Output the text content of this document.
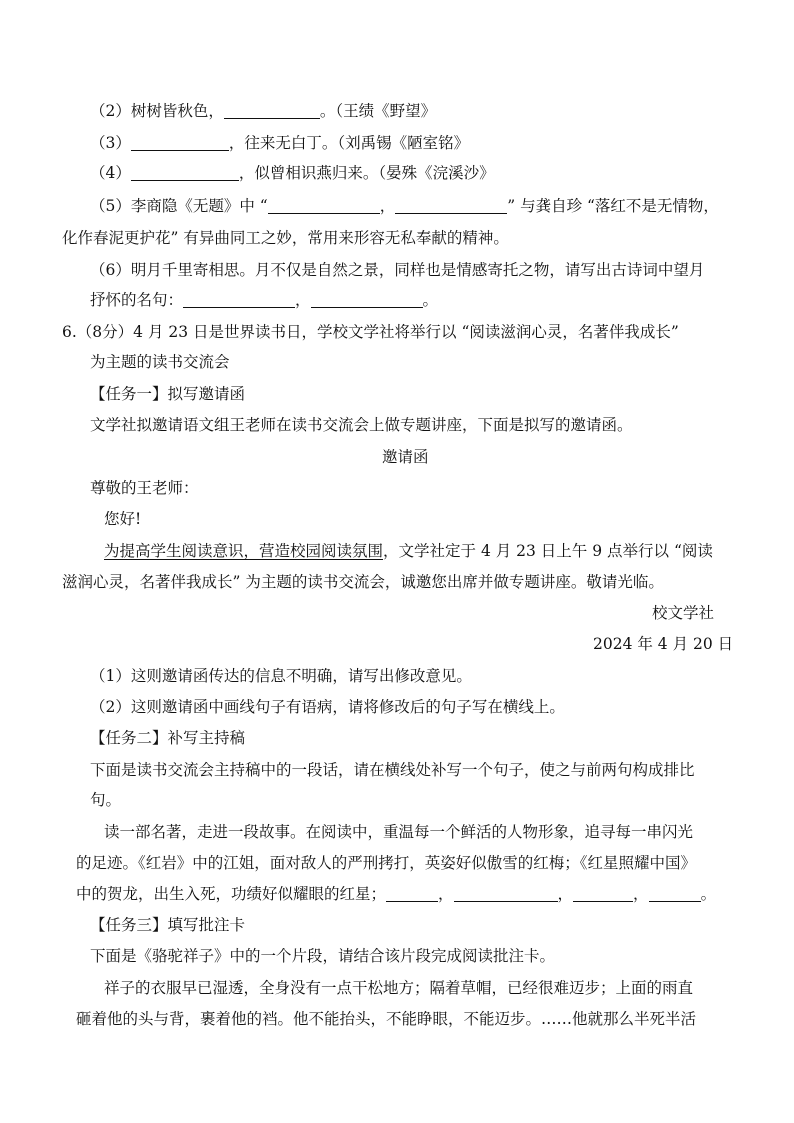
（2）树树皆秋色，	。（王绩《野望》
（3）	，往来无白丁。（刘禹锡《陋室铭》
（4）	，似曾相识燕归来。（晏殊《浣溪沙》
（5）李商隐《无题》中 “	，	” 与龚自珍 “落红不是无情物，
化作春泥更护花” 有异曲同工之妙，常用来形容无私奉献的精神。
（6）明月千里寄相思。月不仅是自然之景，同样也是情感寄托之物，请写出古诗词中望月
抒怀的名句：	，	。
6.（8分）4 月 23 日是世界读书日，学校文学社将举行以 “阅读滋润心灵，名著伴我成长”
为主题的读书交流会
【任务一】拟写邀请函
文学社拟邀请语文组王老师在读书交流会上做专题讲座，下面是拟写的邀请函。
邀请函
尊敬的王老师：
您好!
为提高学生阅读意识，营造校园阅读氛围，文学社定于 4 月 23 日上午 9 点举行以 “阅读
滋润心灵，名著伴我成长” 为主题的读书交流会，诚邀您出席并做专题讲座。敬请光临。
校文学社
2024 年 4 月 20 日
（1）这则邀请函传达的信息不明确，请写出修改意见。
（2）这则邀请函中画线句子有语病，请将修改后的句子写在横线上。
【任务二】补写主持稿
下面是读书交流会主持稿中的一段话，请在横线处补写一个句子，使之与前两句构成排比
句。
读一部名著，走进一段故事。在阅读中，重温每一个鲜活的人物形象，追寻每一串闪光
的足迹。《红岩》中的江姐，面对敌人的严刑拷打，英姿好似傲雪的红梅；《红星照耀中国》
中的贺龙，出生入死，功绩好似耀眼的红星；	，	，	，	。
【任务三】填写批注卡
下面是《骆驼祥子》中的一个片段，请结合该片段完成阅读批注卡。
祥子的衣服早已湿透，全身没有一点干松地方；隔着草帽，已经很难迈步；上面的雨直
砸着他的头与背，裹着他的裆。他不能抬头，不能睁眼，不能迈步。……他就那么半死半活
